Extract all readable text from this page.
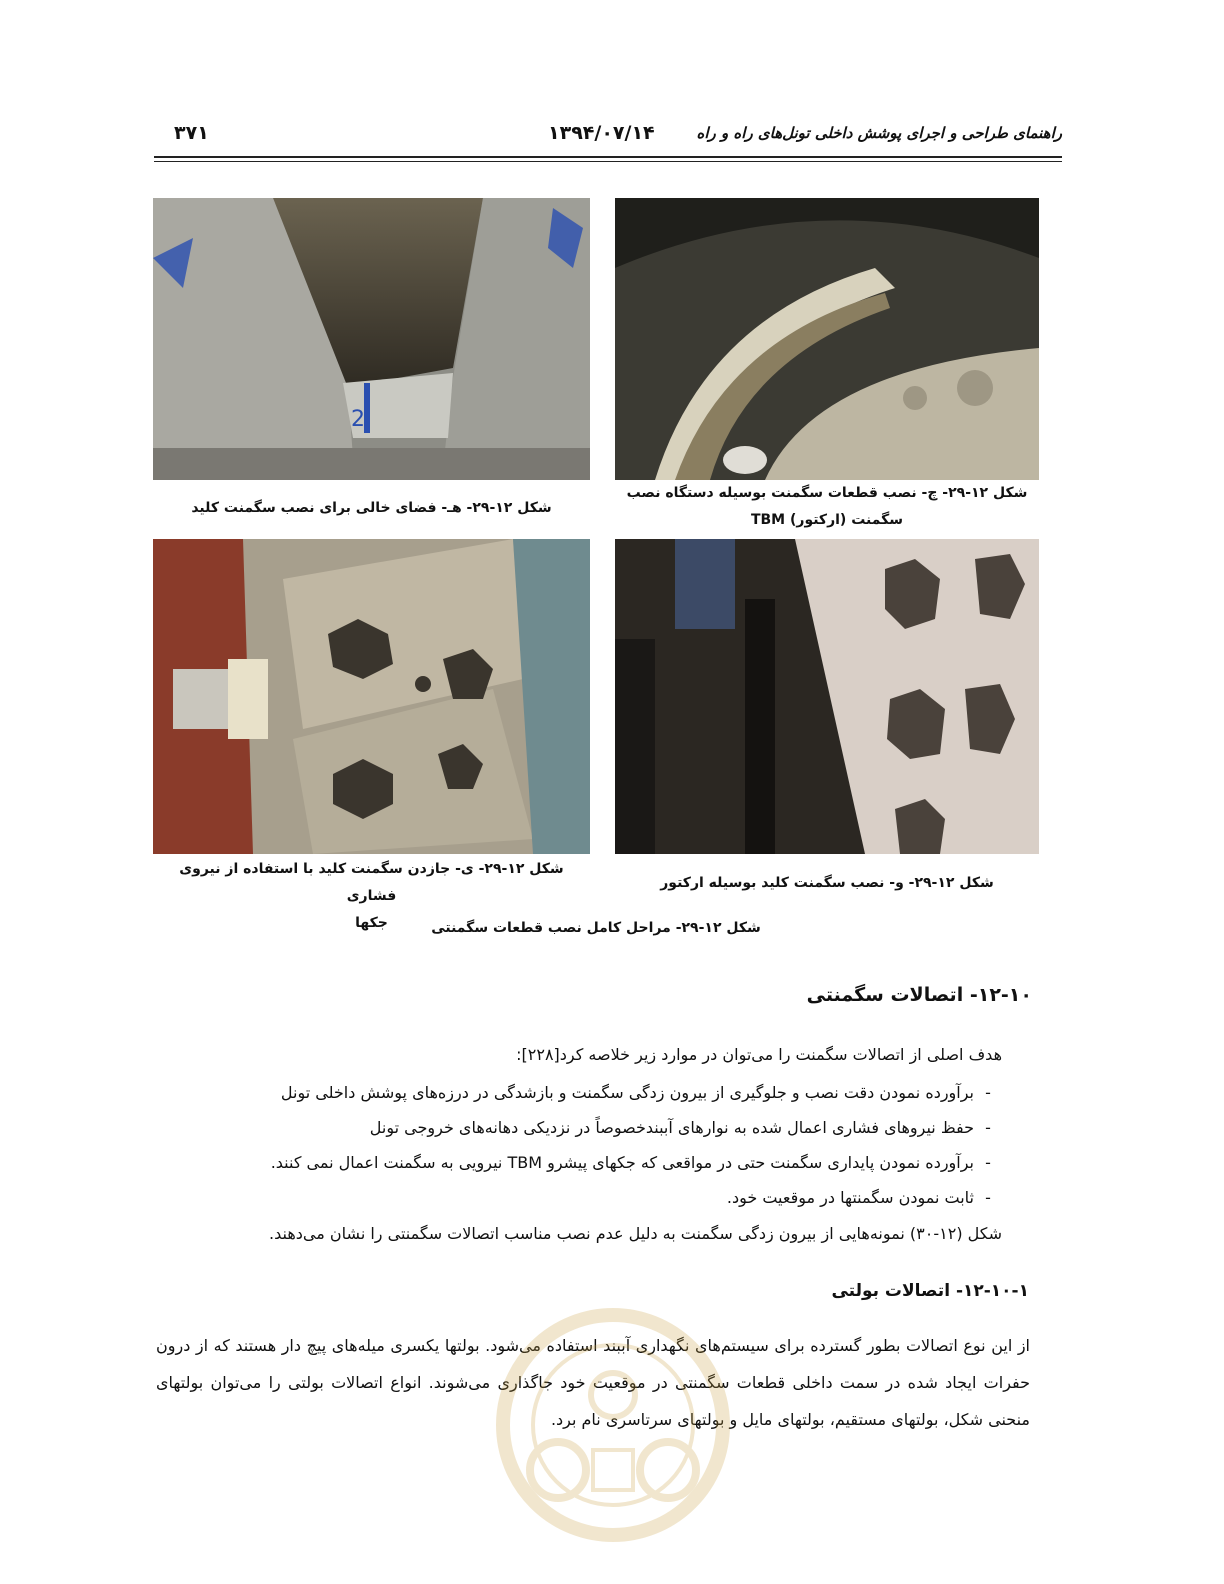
راهنمای طراحی و اجرای پوشش داخلی تونل‌های راه و راه
۱۳۹۴/۰۷/۱۴
۳۷۱
2
شکل ۱۲-۲۹- چ- نصب قطعات سگمنت بوسیله دستگاه نصب
سگمنت (ارکتور) TBM
شکل ۱۲-۲۹- هـ- فضای خالی برای نصب سگمنت کلید
شکل ۱۲-۲۹- ی- جازدن سگمنت کلید با استفاده از نیروی فشاری
جکها
شکل ۱۲-۲۹- و- نصب سگمنت کلید بوسیله ارکتور
شکل ۱۲-۲۹- مراحل کامل نصب قطعات سگمنتی
۱۲-۱۰- اتصالات سگمنتی
هدف اصلی از اتصالات سگمنت را می‌توان در موارد زیر خلاصه کرد[۲۲۸]:
-برآورده نمودن دقت نصب و جلوگیری از بیرون زدگی سگمنت و بازشدگی در درزه‌های پوشش داخلی تونل
-حفظ نیروهای فشاری اعمال شده به نوارهای آببندخصوصاً در نزدیکی دهانه‌های خروجی تونل
-برآورده نمودن پایداری سگمنت حتی در مواقعی که جکهای پیشرو TBM نیرویی به سگمنت اعمال نمی کنند.
-ثابت نمودن سگمنتها در موقعیت خود.
شکل (۱۲-۳۰) نمونه‌هایی از بیرون زدگی سگمنت به دلیل عدم نصب مناسب اتصالات سگمنتی را نشان می‌دهند.
۱۲-۱۰-۱- اتصالات بولتی
از این نوع اتصالات بطور گسترده برای سیستم‌های نگهداری آببند استفاده می‌شود. بولتها یکسری میله‌های پیچ دار هستند که از درون حفرات ایجاد شده در سمت داخلی قطعات سگمنتی در موقعیت خود جاگذاری می‌شوند. انواع اتصالات بولتی را می‌توان بولتهای منحنی شکل، بولتهای مستقیم، بولتهای مایل و بولتهای سرتاسری نام برد.
